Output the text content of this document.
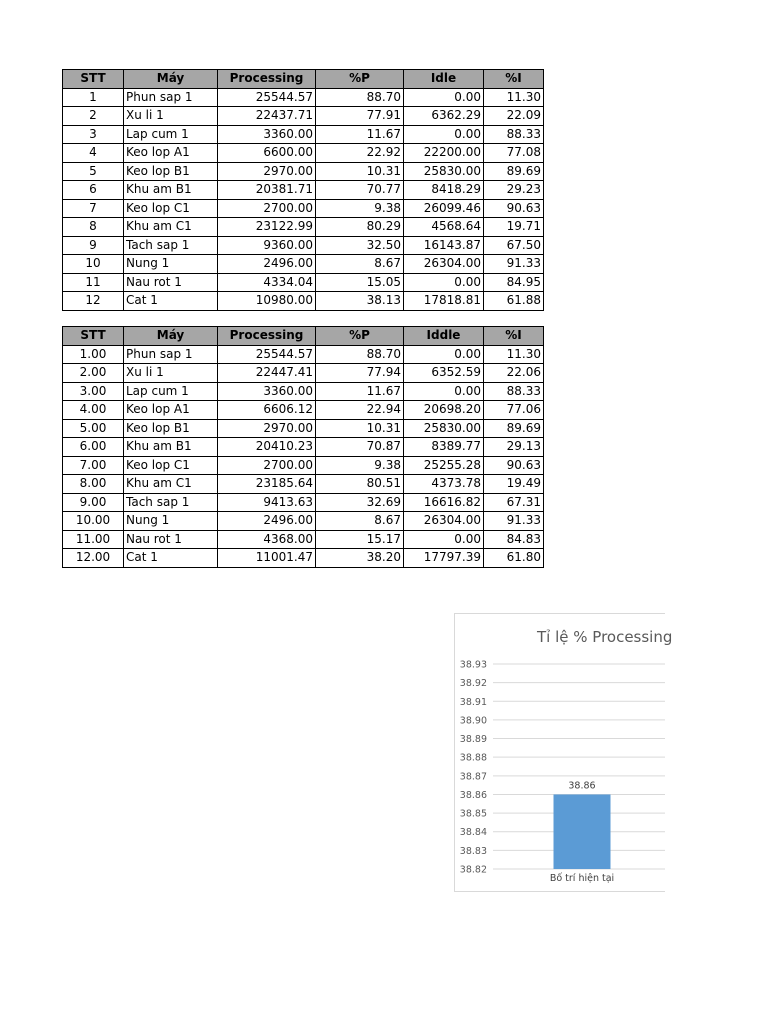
STT	Máy	Processing	%P	Idle	%I
1	Phun sap 1	25544.57	88.70	0.00	11.30
2	Xu li 1	22437.71	77.91	6362.29	22.09
3	Lap cum 1	3360.00	11.67	0.00	88.33
4	Keo lop A1	6600.00	22.92	22200.00	77.08
5	Keo lop B1	2970.00	10.31	25830.00	89.69
6	Khu am B1	20381.71	70.77	8418.29	29.23
7	Keo lop C1	2700.00	9.38	26099.46	90.63
8	Khu am C1	23122.99	80.29	4568.64	19.71
9	Tach sap 1	9360.00	32.50	16143.87	67.50
10	Nung 1	2496.00	8.67	26304.00	91.33
11	Nau rot 1	4334.04	15.05	0.00	84.95
12	Cat 1	10980.00	38.13	17818.81	61.88
STT	Máy	Processing	%P	Iddle	%I
1.00	Phun sap 1	25544.57	88.70	0.00	11.30
2.00	Xu li 1	22447.41	77.94	6352.59	22.06
3.00	Lap cum 1	3360.00	11.67	0.00	88.33
4.00	Keo lop A1	6606.12	22.94	20698.20	77.06
5.00	Keo lop B1	2970.00	10.31	25830.00	89.69
6.00	Khu am B1	20410.23	70.87	8389.77	29.13
7.00	Keo lop C1	2700.00	9.38	25255.28	90.63
8.00	Khu am C1	23185.64	80.51	4373.78	19.49
9.00	Tach sap 1	9413.63	32.69	16616.82	67.31
10.00	Nung 1	2496.00	8.67	26304.00	91.33
11.00	Nau rot 1	4368.00	15.17	0.00	84.83
12.00	Cat 1	11001.47	38.20	17797.39	61.80
38.93
38.92
38.91
38.90
38.89
38.88
38.87
38.86
38.85
38.84
38.83
38.82
38.86
Bố trí hiện tại
Tỉ lệ % Processing
